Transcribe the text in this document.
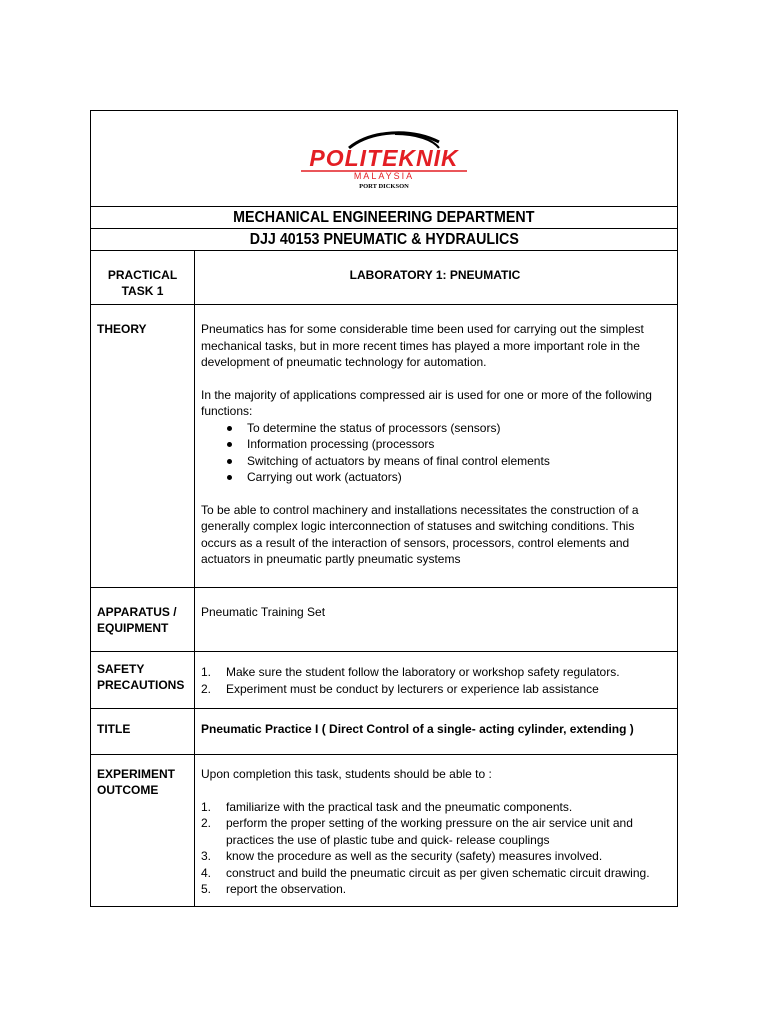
POLITEKNIK
MALAYSIA
PORT DICKSON
MECHANICAL ENGINEERING DEPARTMENT
DJJ 40153 PNEUMATIC & HYDRAULICS
PRACTICAL
TASK 1
LABORATORY 1: PNEUMATIC
THEORY	Pneumatics has for some considerable time been used for carrying out the simplest mechanical tasks, but in more recent times has played a more important role in the development of pneumatic technology for automation.

In the majority of applications compressed air is used for one or more of the following functions:

To determine the status of processors (sensors)
Information processing (processors
Switching of actuators by means of final control elements
Carrying out work (actuators)

To be able to control machinery and installations necessitates the construction of a generally complex logic interconnection of statuses and switching conditions. This occurs as a result of the interaction of sensors, processors, control elements and actuators in pneumatic partly pneumatic systems

APPARATUS /
EQUIPMENT
Pneumatic Training Set
SAFETY
PRECAUTIONS
1. Make sure the student follow the laboratory or workshop safety regulators.
2. Experiment must be conduct by lecturers or experience lab assistance
TITLE	Pneumatic Practice I ( Direct Control of a single- acting cylinder, extending )
EXPERIMENT
OUTCOME

Upon completion this task, students should be able to :

1. familiarize with the practical task and the pneumatic components.
2. perform the proper setting of the working pressure on the air service unit and practices the use of plastic tube and quick- release couplings
3. know the procedure as well as the security (safety) measures involved.
4. construct and build the pneumatic circuit as per given schematic circuit drawing.
5. report the observation.
